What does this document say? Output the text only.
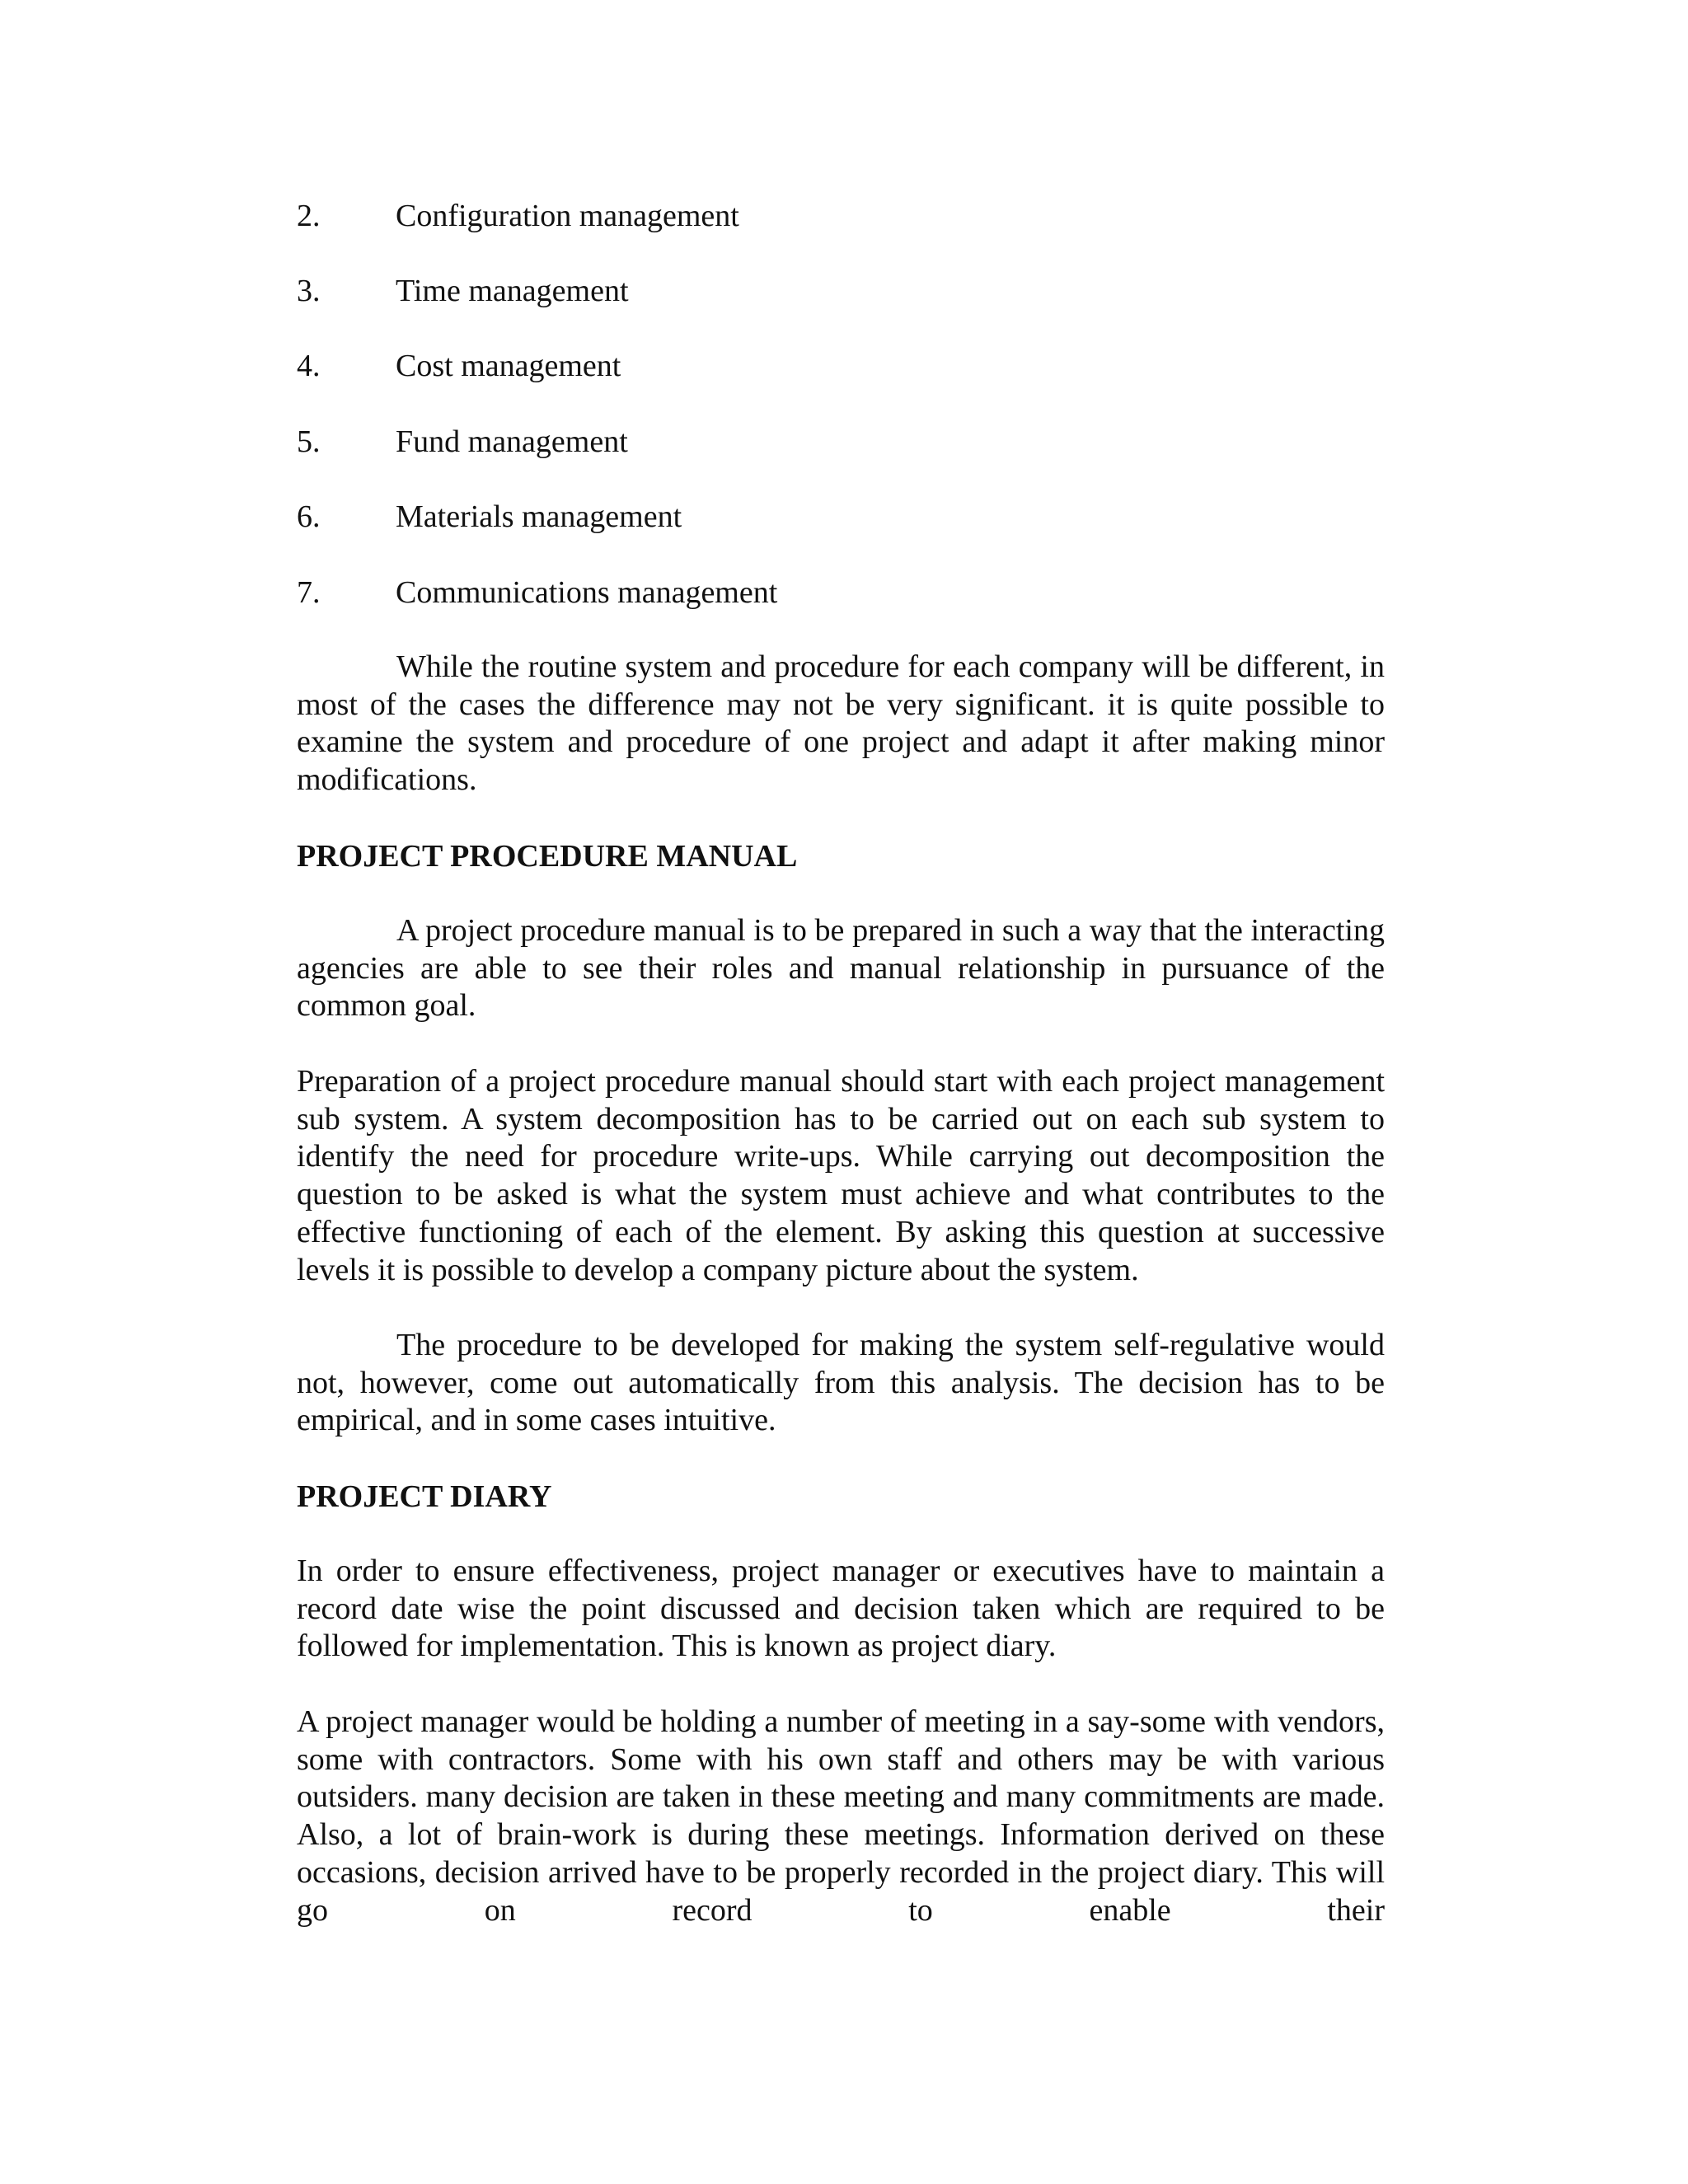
2. Configuration management
3. Time management
4. Cost management
5. Fund management
6. Materials management
7. Communications management

While the routine system and procedure for each company will be different, in most of the cases the difference may not be very significant. it is quite possible to examine the system and procedure of one project and adapt it after making minor modifications.

PROJECT PROCEDURE MANUAL

A project procedure manual is to be prepared in such a way that the interacting agencies are able to see their roles and manual relationship in pursuance of the common goal.

Preparation of a project procedure manual should start with each project management sub system. A system decomposition has to be carried out on each sub system to identify the need for procedure write-ups. While carrying out decomposition the question to be asked is what the system must achieve and what contributes to the effective functioning of each of the element. By asking this question at successive levels it is possible to develop a company picture about the system.

The procedure to be developed for making the system self-regulative would not, however, come out automatically from this analysis. The decision has to be empirical, and in some cases intuitive.

PROJECT DIARY

In order to ensure effectiveness, project manager or executives have to maintain a record date wise the point discussed and decision taken which are required to be followed for implementation. This is known as project diary.

A project manager would be holding a number of meeting in a say-some with vendors, some with contractors. Some with his own staff and others may be with various outsiders. many decision are taken in these meeting and many commitments are made. Also, a lot of brain-work is during these meetings. Information derived on these occasions, decision arrived have to be properly recorded in the project diary. This will go on record to enable their
